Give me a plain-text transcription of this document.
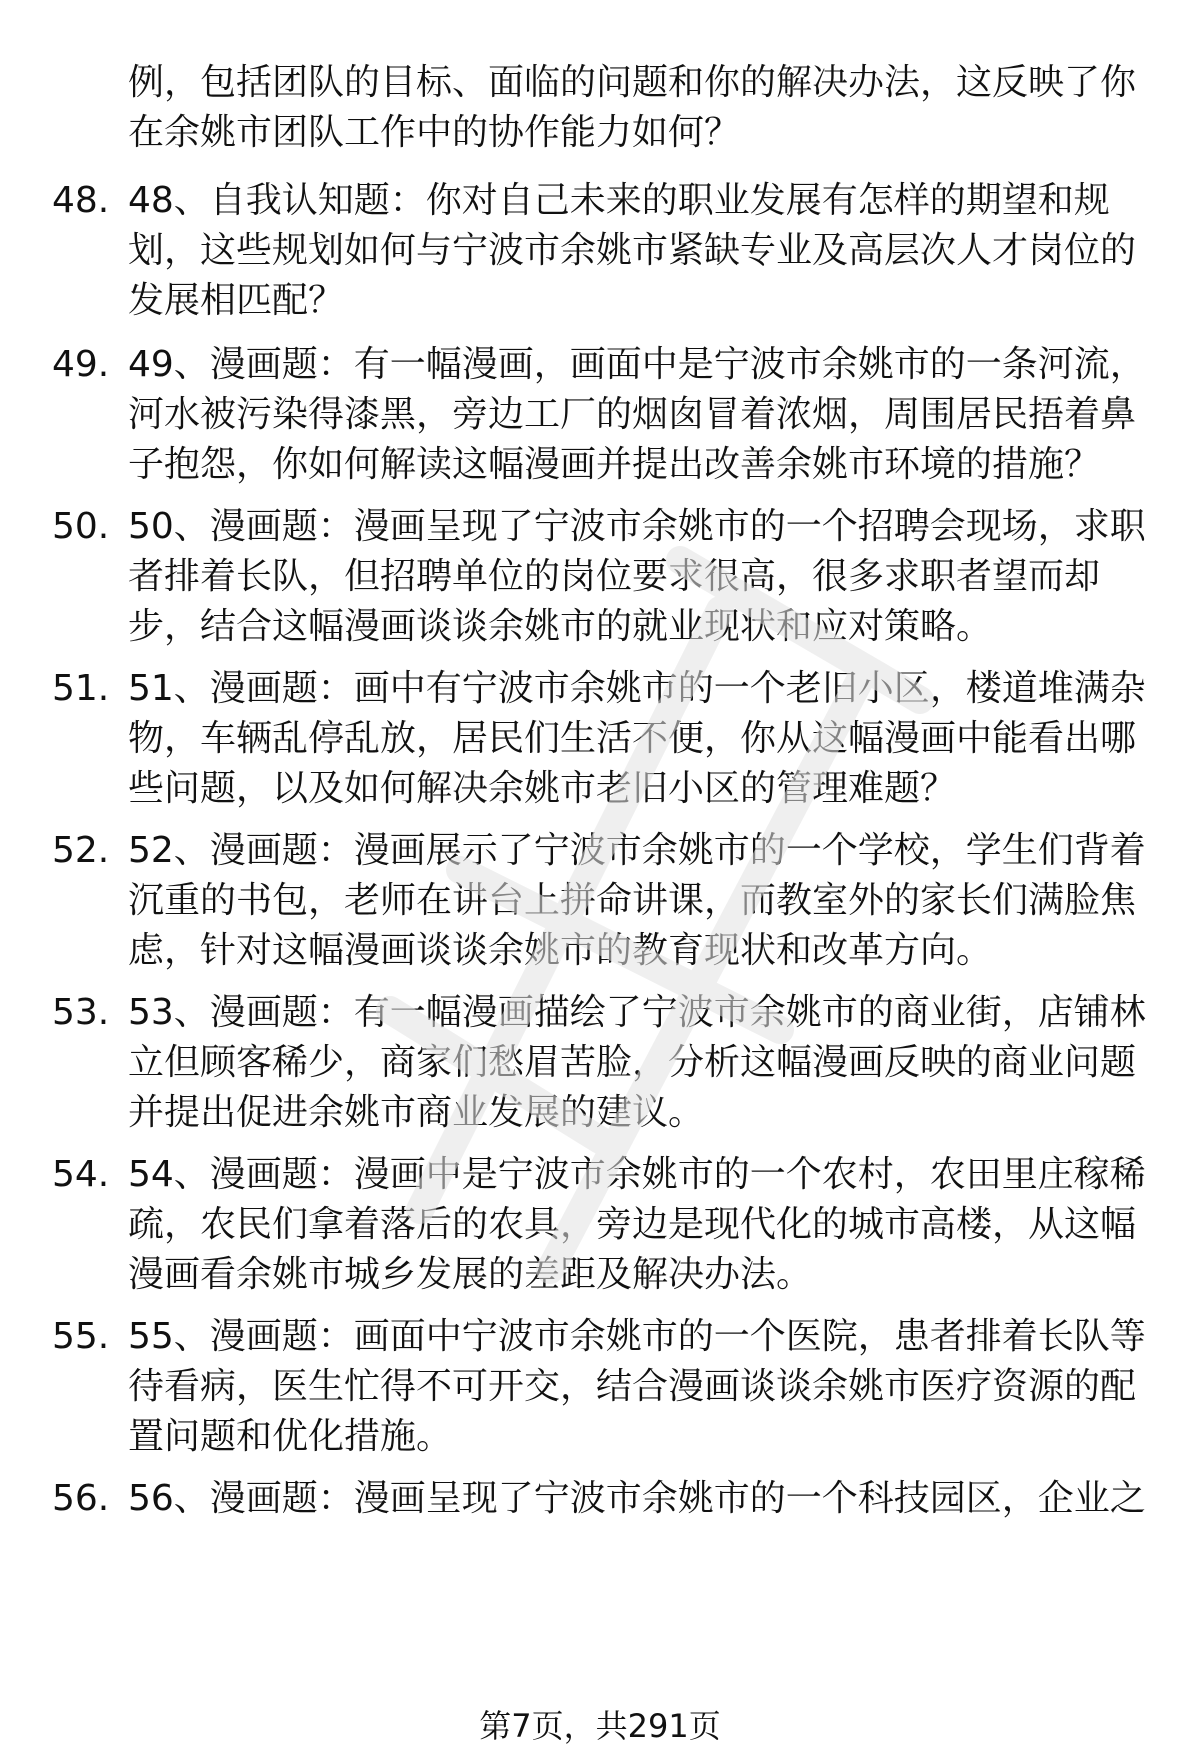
例，包括团队的目标、面临的问题和你的解决办法，这反映了你在余姚市团队工作中的协作能力如何？
48. 48、自我认知题：你对自己未来的职业发展有怎样的期望和规划，这些规划如何与宁波市余姚市紧缺专业及高层次人才岗位的发展相匹配？
49. 49、漫画题：有一幅漫画，画面中是宁波市余姚市的一条河流，河水被污染得漆黑，旁边工厂的烟囱冒着浓烟，周围居民捂着鼻子抱怨，你如何解读这幅漫画并提出改善余姚市环境的措施？
50. 50、漫画题：漫画呈现了宁波市余姚市的一个招聘会现场，求职者排着长队，但招聘单位的岗位要求很高，很多求职者望而却步，结合这幅漫画谈谈余姚市的就业现状和应对策略。
51. 51、漫画题：画中有宁波市余姚市的一个老旧小区，楼道堆满杂物，车辆乱停乱放，居民们生活不便，你从这幅漫画中能看出哪些问题，以及如何解决余姚市老旧小区的管理难题？
52. 52、漫画题：漫画展示了宁波市余姚市的一个学校，学生们背着沉重的书包，老师在讲台上拼命讲课，而教室外的家长们满脸焦虑，针对这幅漫画谈谈余姚市的教育现状和改革方向。
53. 53、漫画题：有一幅漫画描绘了宁波市余姚市的商业街，店铺林立但顾客稀少，商家们愁眉苦脸，分析这幅漫画反映的商业问题并提出促进余姚市商业发展的建议。
54. 54、漫画题：漫画中是宁波市余姚市的一个农村，农田里庄稼稀疏，农民们拿着落后的农具，旁边是现代化的城市高楼，从这幅漫画看余姚市城乡发展的差距及解决办法。
55. 55、漫画题：画面中宁波市余姚市的一个医院，患者排着长队等待看病，医生忙得不可开交，结合漫画谈谈余姚市医疗资源的配置问题和优化措施。
56. 56、漫画题：漫画呈现了宁波市余姚市的一个科技园区，企业之
第7页，共291页
